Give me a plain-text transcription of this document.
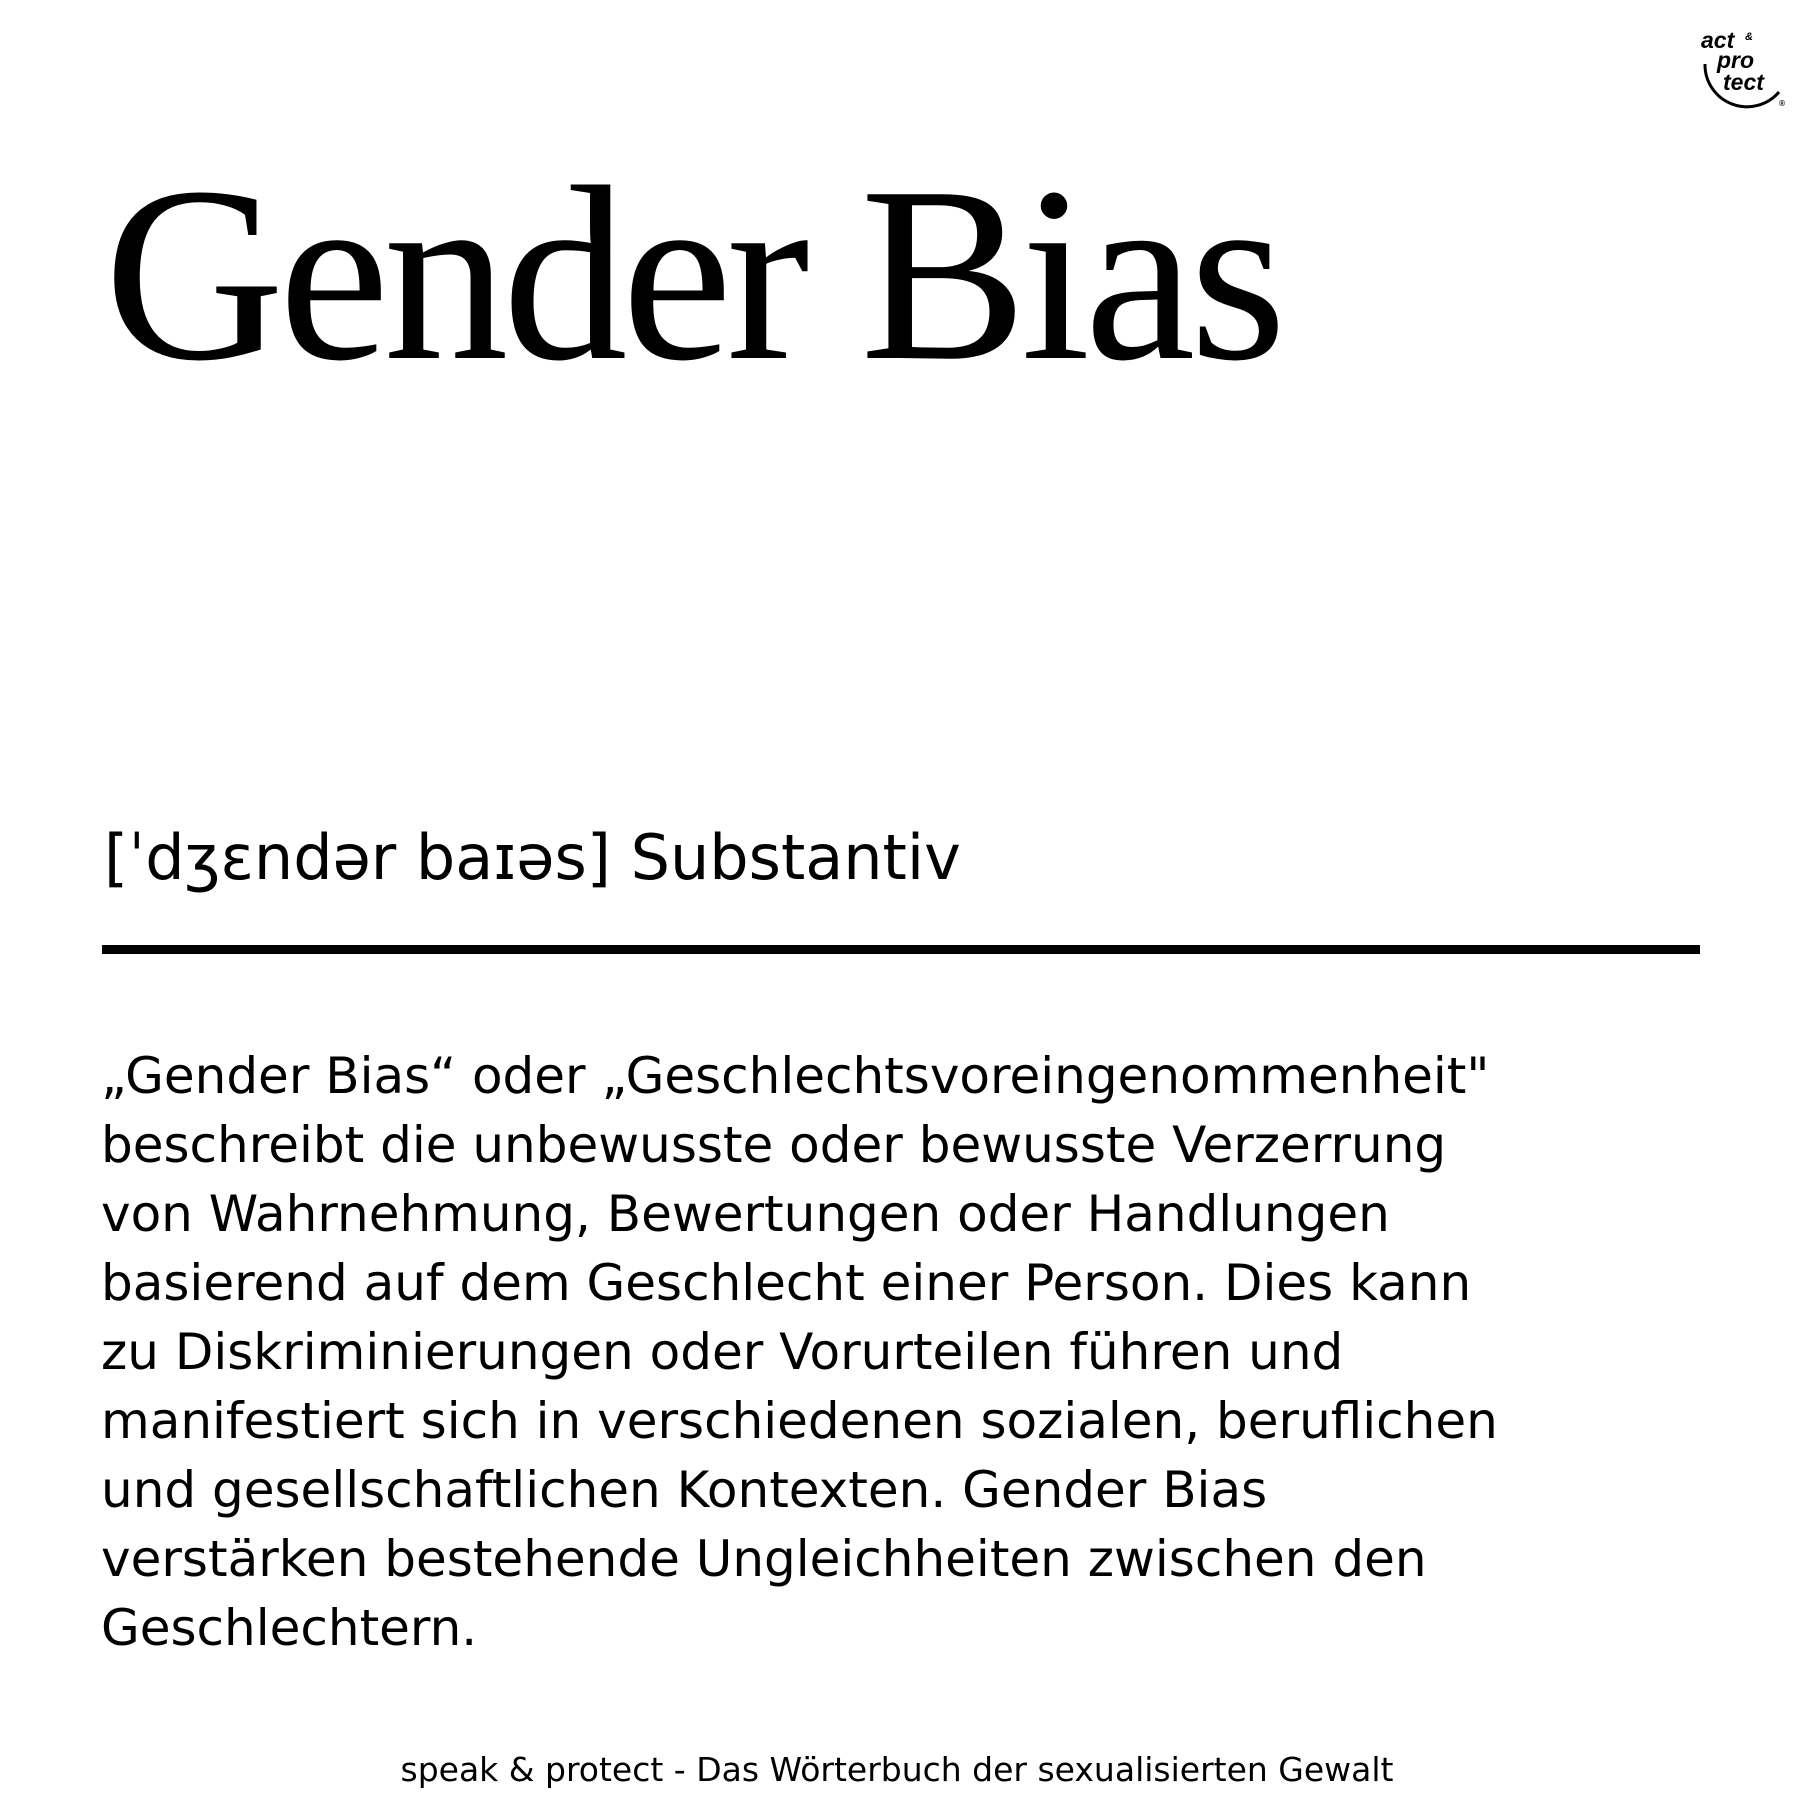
act &
pro
tect
®
Gender Bias

[ˈdʒɛndər baɪəs] Substantiv

„Gender Bias“ oder „Geschlechtsvoreingenommenheit"
beschreibt die unbewusste oder bewusste Verzerrung
von Wahrnehmung, Bewertungen oder Handlungen
basierend auf dem Geschlecht einer Person. Dies kann
zu Diskriminierungen oder Vorurteilen führen und
manifestiert sich in verschiedenen sozialen, beruflichen
und gesellschaftlichen Kontexten. Gender Bias
verstärken bestehende Ungleichheiten zwischen den
Geschlechtern.

speak & protect - Das Wörterbuch der sexualisierten Gewalt
